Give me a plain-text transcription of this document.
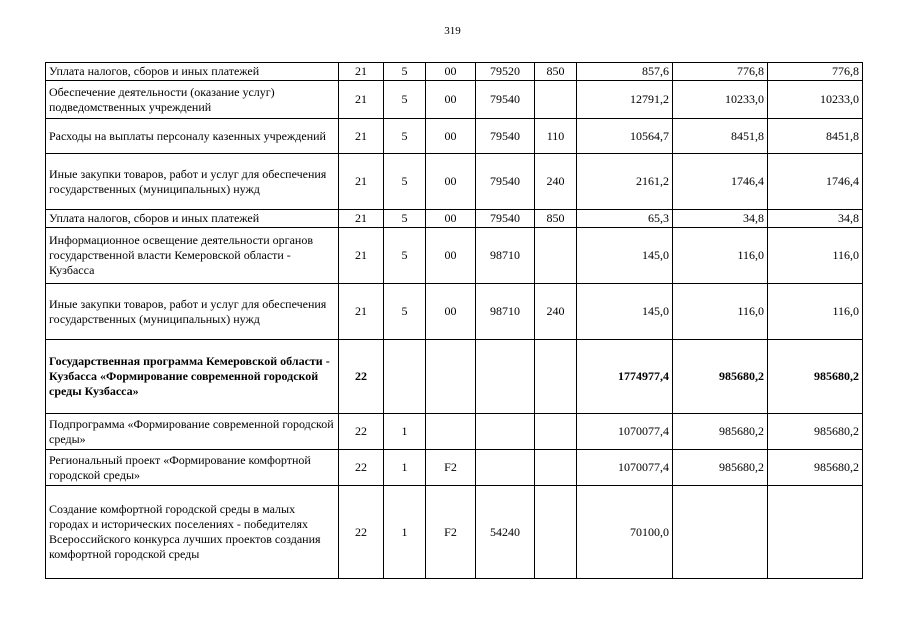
319
Уплата налогов, сборов и иных платежей	21	5	00	79520	850	857,6	776,8	776,8
Обеспечение деятельности (оказание услуг) подведомственных учреждений	21	5	00	79540		12791,2	10233,0	10233,0
Расходы на выплаты персоналу казенных учреждений	21	5	00	79540	110	10564,7	8451,8	8451,8
Иные закупки товаров, работ и услуг для обеспечения государственных (муниципальных) нужд	21	5	00	79540	240	2161,2	1746,4	1746,4
Уплата налогов, сборов и иных платежей	21	5	00	79540	850	65,3	34,8	34,8
Информационное освещение деятельности органов государственной власти Кемеровской области - Кузбасса	21	5	00	98710		145,0	116,0	116,0
Иные закупки товаров, работ и услуг для обеспечения государственных (муниципальных) нужд	21	5	00	98710	240	145,0	116,0	116,0
Государственная программа Кемеровской области - Кузбасса «Формирование современной городской среды Кузбасса»	22					1774977,4	985680,2	985680,2
Подпрограмма «Формирование современной городской среды»	22	1				1070077,4	985680,2	985680,2
Региональный проект «Формирование комфортной городской среды»	22	1	F2			1070077,4	985680,2	985680,2
Создание комфортной городской среды в малых городах и исторических поселениях - победителях Всероссийского конкурса лучших проектов создания комфортной городской среды	22	1	F2	54240		70100,0		
